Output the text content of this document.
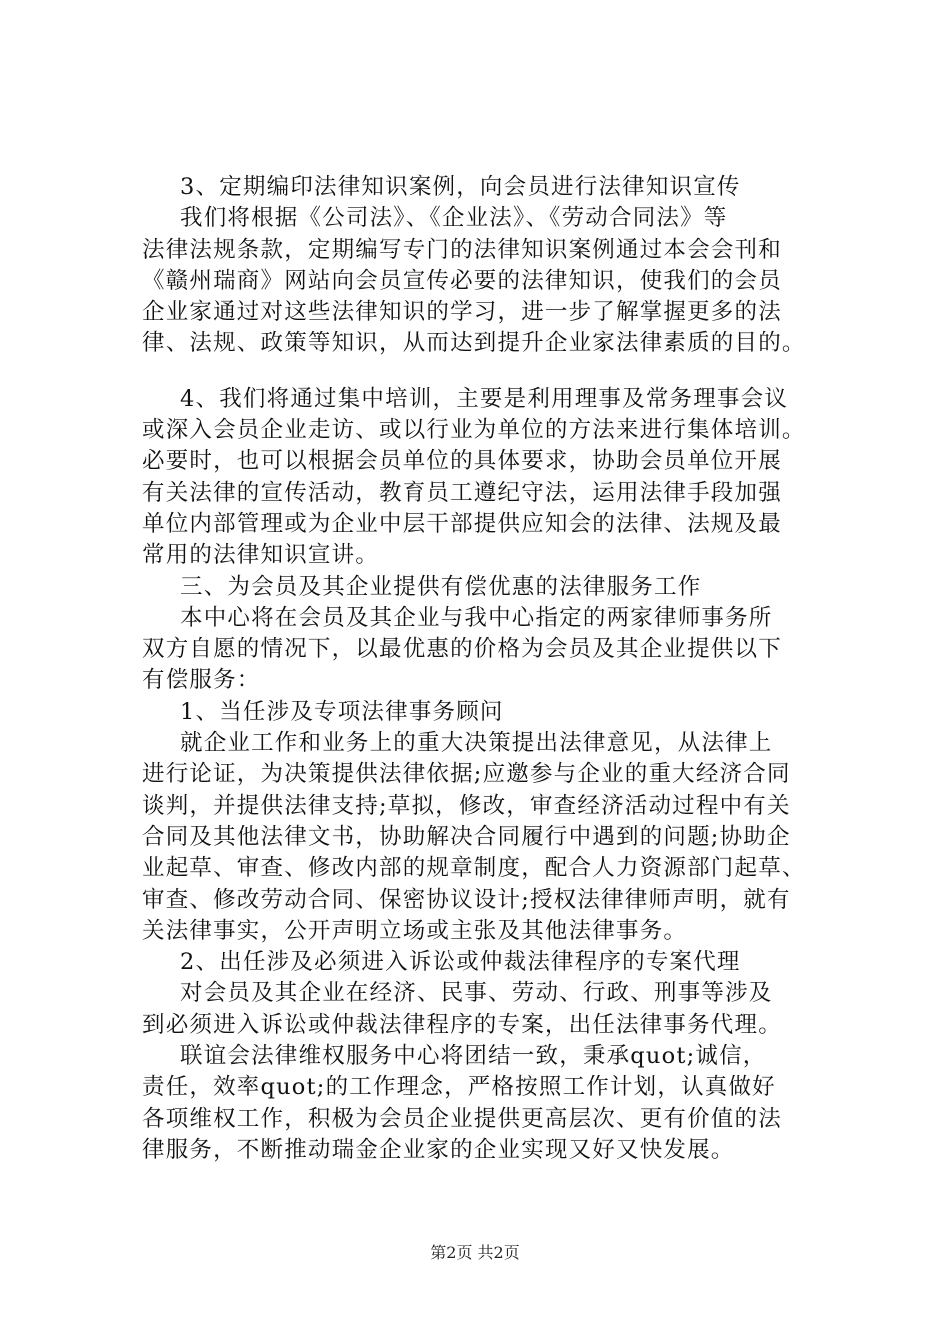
3、定期编印法律知识案例，向会员进行法律知识宣传
我们将根据《公司法》、《企业法》、《劳动合同法》等
法律法规条款，定期编写专门的法律知识案例通过本会会刊和
《赣州瑞商》网站向会员宣传必要的法律知识，使我们的会员
企业家通过对这些法律知识的学习，进一步了解掌握更多的法
律、法规、政策等知识，从而达到提升企业家法律素质的目的。
4、我们将通过集中培训，主要是利用理事及常务理事会议
或深入会员企业走访、或以行业为单位的方法来进行集体培训。
必要时，也可以根据会员单位的具体要求，协助会员单位开展
有关法律的宣传活动，教育员工遵纪守法，运用法律手段加强
单位内部管理或为企业中层干部提供应知会的法律、法规及最
常用的法律知识宣讲。
三、为会员及其企业提供有偿优惠的法律服务工作
本中心将在会员及其企业与我中心指定的两家律师事务所
双方自愿的情况下，以最优惠的价格为会员及其企业提供以下
有偿服务：
1、当任涉及专项法律事务顾问
就企业工作和业务上的重大决策提出法律意见，从法律上
进行论证，为决策提供法律依据;应邀参与企业的重大经济合同
谈判，并提供法律支持;草拟，修改，审查经济活动过程中有关
合同及其他法律文书，协助解决合同履行中遇到的问题;协助企
业起草、审查、修改内部的规章制度，配合人力资源部门起草、
审查、修改劳动合同、保密协议设计;授权法律律师声明，就有
关法律事实，公开声明立场或主张及其他法律事务。
2、出任涉及必须进入诉讼或仲裁法律程序的专案代理
对会员及其企业在经济、民事、劳动、行政、刑事等涉及
到必须进入诉讼或仲裁法律程序的专案，出任法律事务代理。
联谊会法律维权服务中心将团结一致，秉承quot;诚信，
责任，效率quot;的工作理念，严格按照工作计划，认真做好
各项维权工作，积极为会员企业提供更高层次、更有价值的法
律服务，不断推动瑞金企业家的企业实现又好又快发展。
第2页 共2页
